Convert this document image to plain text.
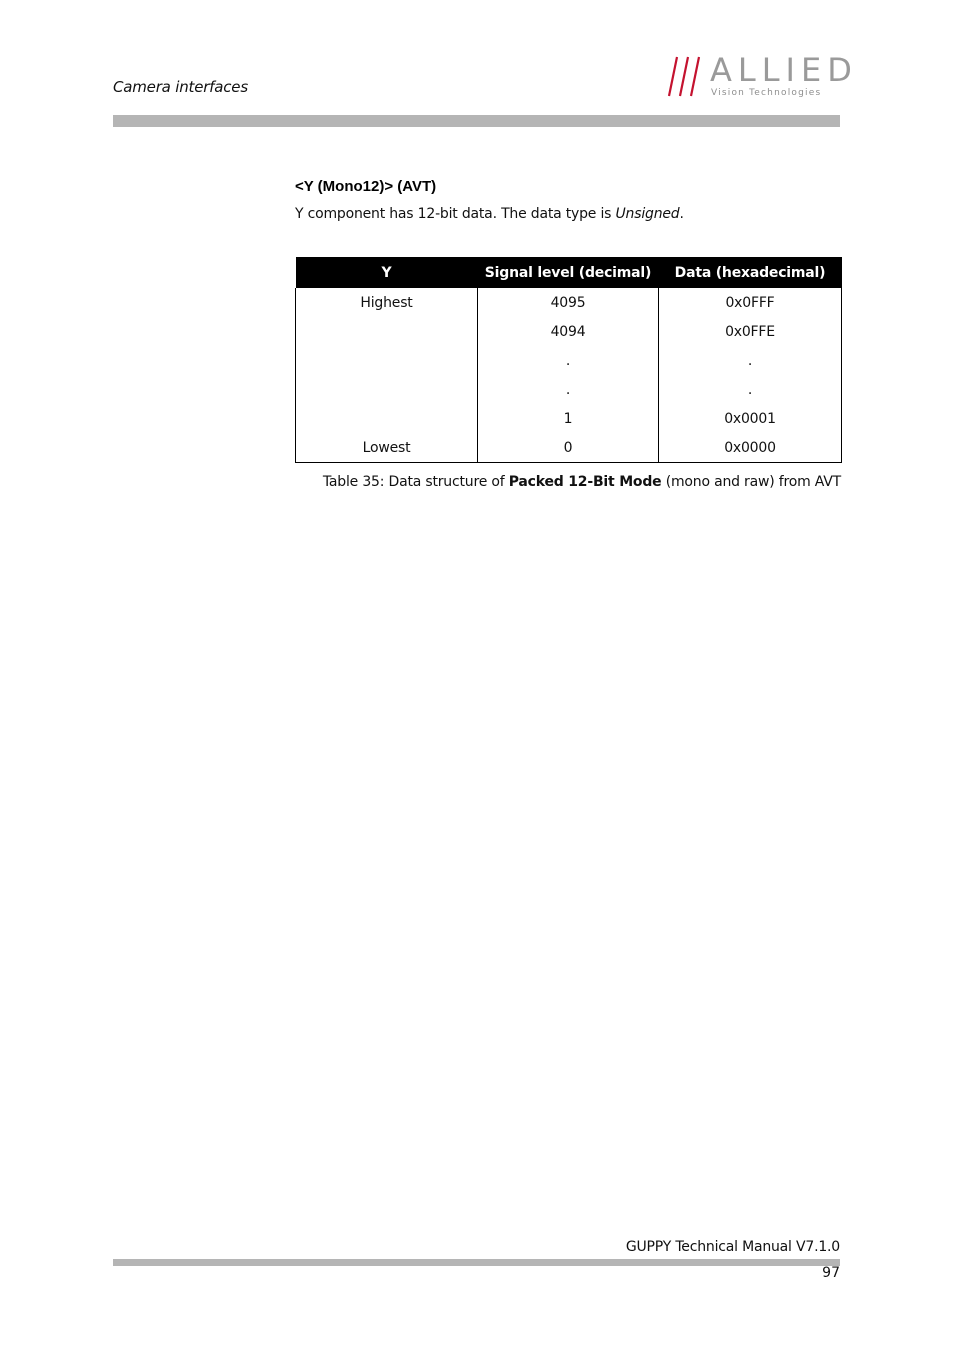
Camera interfaces	ALLIED
Vision Technologies
<Y (Mono12)> (AVT)
Y component has 12-bit data. The data type is Unsigned.
Y	Signal level (decimal)	Data (hexadecimal)
Highest	4095	0x0FFF
	4094	0x0FFE
	.	.
	.	.
	1	0x0001
Lowest	0	0x0000
Table 35: Data structure of Packed 12-Bit Mode (mono and raw) from AVT
GUPPY Technical Manual V7.1.0
97
